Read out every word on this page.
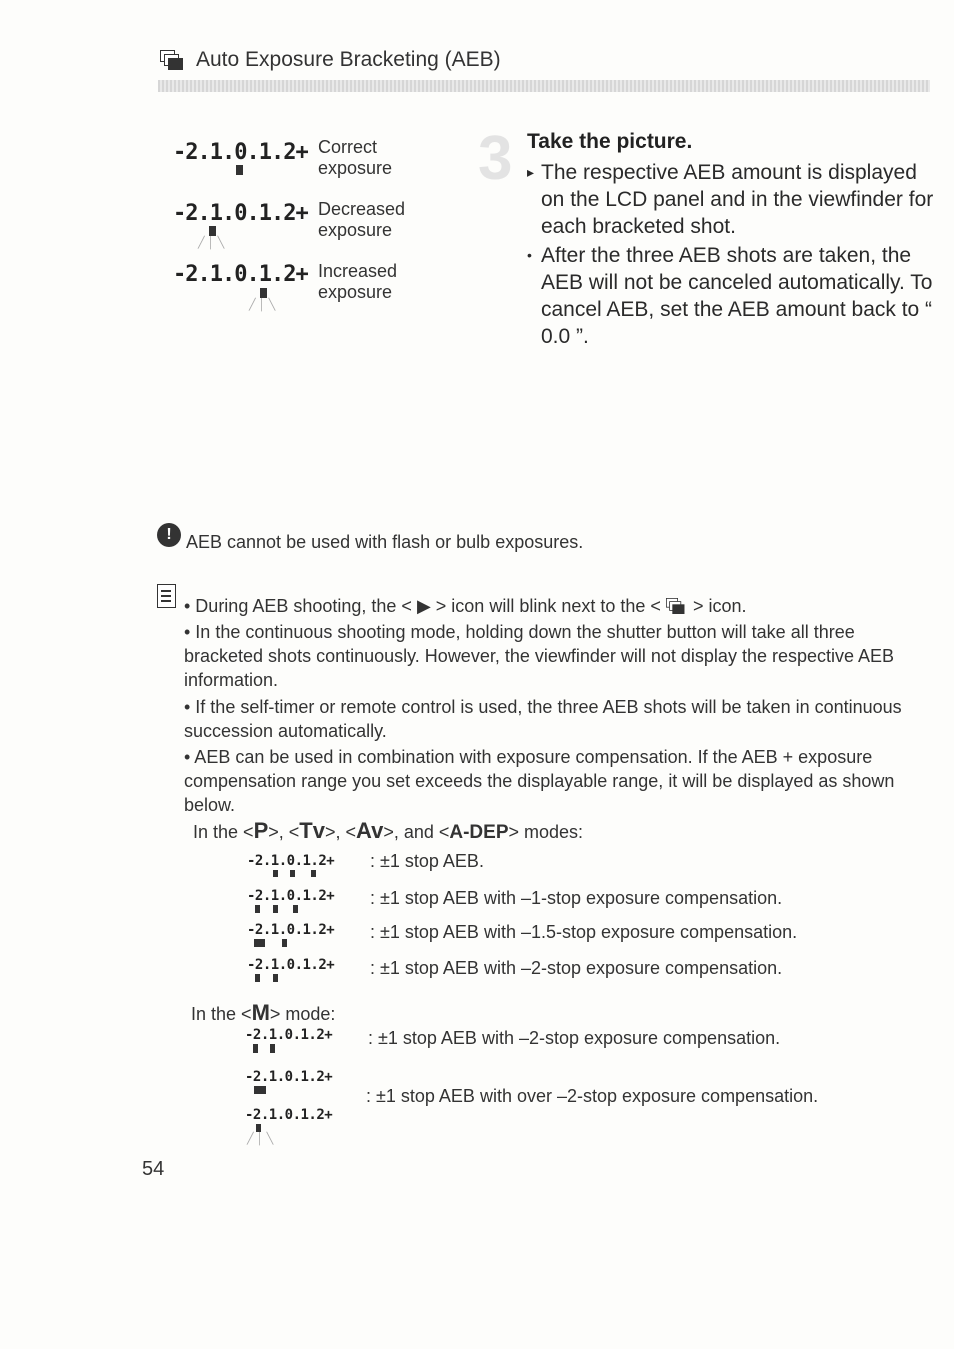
Auto Exposure Bracketing (AEB)
-2.1.0.1.2+ Correct
exposure
-2.1.0.1.2+
╱ │ ╲
Decreased
exposure
-2.1.0.1.2+
╱ │ ╲
Increased
exposure
3 Take the picture.
▸ The respective AEB amount is displayed on the LCD panel and in the viewfinder for each bracketed shot.
• After the three AEB shots are taken, the AEB will not be canceled automatically. To cancel AEB, set the AEB amount back to “ 0.0 ”.
! AEB cannot be used with flash or bulb exposures.
• During AEB shooting, the < ▶ > icon will blink next to the < > icon.
• In the continuous shooting mode, holding down the shutter button will take all three bracketed shots continuously. However, the viewfinder will not display the respective AEB information.
• If the self-timer or remote control is used, the three AEB shots will be taken in continuous succession automatically.
• AEB can be used in combination with exposure compensation. If the AEB + exposure compensation range you set exceeds the displayable range, it will be displayed as shown below.
In the <P>, <Tv>, <Av>, and <A-DEP> modes:
-2.1.0.1.2+ : ±1 stop AEB.
-2.1.0.1.2+ : ±1 stop AEB with –1-stop exposure compensation.
-2.1.0.1.2+ : ±1 stop AEB with –1.5-stop exposure compensation.
-2.1.0.1.2+ : ±1 stop AEB with –2-stop exposure compensation.
In the <M> mode:
-2.1.0.1.2+ : ±1 stop AEB with –2-stop exposure compensation.
-2.1.0.1.2+
-2.1.0.1.2+
╱ │ ╲
: ±1 stop AEB with over –2-stop exposure compensation.
54
